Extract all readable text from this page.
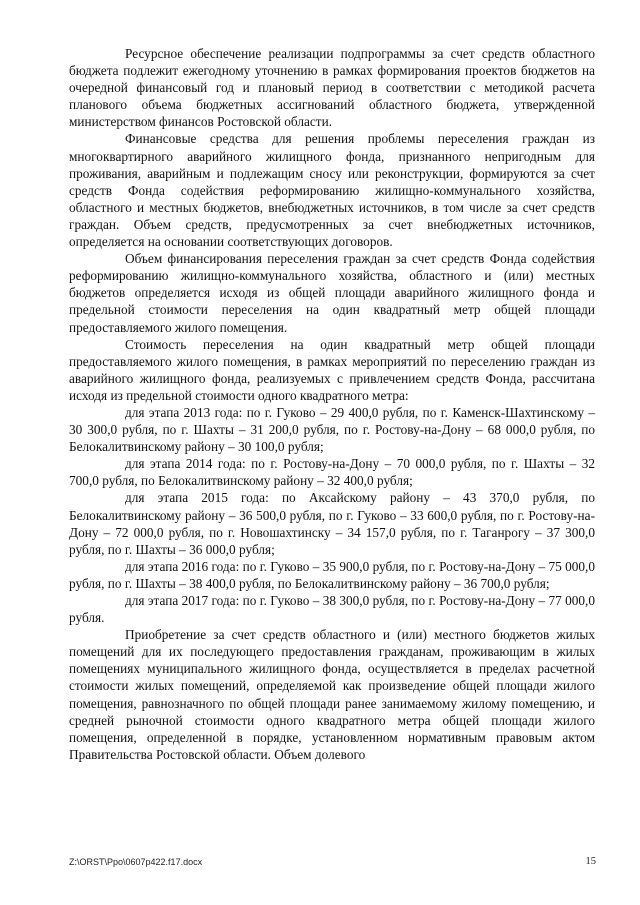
Ресурсное обеспечение реализации подпрограммы за счет средств областного бюджета подлежит ежегодному уточнению в рамках формирования проектов бюджетов на очередной финансовый год и плановый период в соответствии с методикой расчета планового объема бюджетных ассигнований областного бюджета, утвержденной министерством финансов Ростовской области.

Финансовые средства для решения проблемы переселения граждан из многоквартирного аварийного жилищного фонда, признанного непригодным для проживания, аварийным и подлежащим сносу или реконструкции, формируются за счет средств Фонда содействия реформированию жилищно-коммунального хозяйства, областного и местных бюджетов, внебюджетных источников, в том числе за счет средств граждан. Объем средств, предусмотренных за счет внебюджетных источников, определяется на основании соответствующих договоров.

Объем финансирования переселения граждан за счет средств Фонда содействия реформированию жилищно-коммунального хозяйства, областного и (или) местных бюджетов определяется исходя из общей площади аварийного жилищного фонда и предельной стоимости переселения на один квадратный метр общей площади предоставляемого жилого помещения.

Стоимость переселения на один квадратный метр общей площади предоставляемого жилого помещения, в рамках мероприятий по переселению граждан из аварийного жилищного фонда, реализуемых с привлечением средств Фонда, рассчитана исходя из предельной стоимости одного квадратного метра:

для этапа 2013 года: по г. Гуково – 29 400,0 рубля, по г. Каменск-Шахтинскому – 30 300,0 рубля, по г. Шахты – 31 200,0 рубля, по г. Ростову-на-Дону – 68 000,0 рубля, по Белокалитвинскому району – 30 100,0 рубля;

для этапа 2014 года: по г. Ростову-на-Дону – 70 000,0 рубля, по г. Шахты – 32 700,0 рубля, по Белокалитвинскому району – 32 400,0 рубля;

для этапа 2015 года: по Аксайскому району – 43 370,0 рубля, по Белокалитвинскому району – 36 500,0 рубля, по г. Гуково – 33 600,0 рубля, по г. Ростову-на-Дону – 72 000,0 рубля, по г. Новошахтинску – 34 157,0 рубля, по г. Таганрогу – 37 300,0 рубля, по г. Шахты – 36 000,0 рубля;

для этапа 2016 года: по г. Гуково – 35 900,0 рубля, по г. Ростову-на-Дону – 75 000,0 рубля, по г. Шахты – 38 400,0 рубля, по Белокалитвинскому району – 36 700,0 рубля;

для этапа 2017 года: по г. Гуково – 38 300,0 рубля, по г. Ростову-на-Дону – 77 000,0 рубля.

Приобретение за счет средств областного и (или) местного бюджетов жилых помещений для их последующего предоставления гражданам, проживающим в жилых помещениях муниципального жилищного фонда, осуществляется в пределах расчетной стоимости жилых помещений, определяемой как произведение общей площади жилого помещения, равнозначного по общей площади ранее занимаемому жилому помещению, и средней рыночной стоимости одного квадратного метра общей площади жилого помещения, определенной в порядке, установленном нормативным правовым актом Правительства Ростовской области. Объем долевого

Z:\ORST\Ppo\0607p422.f17.docx	15
